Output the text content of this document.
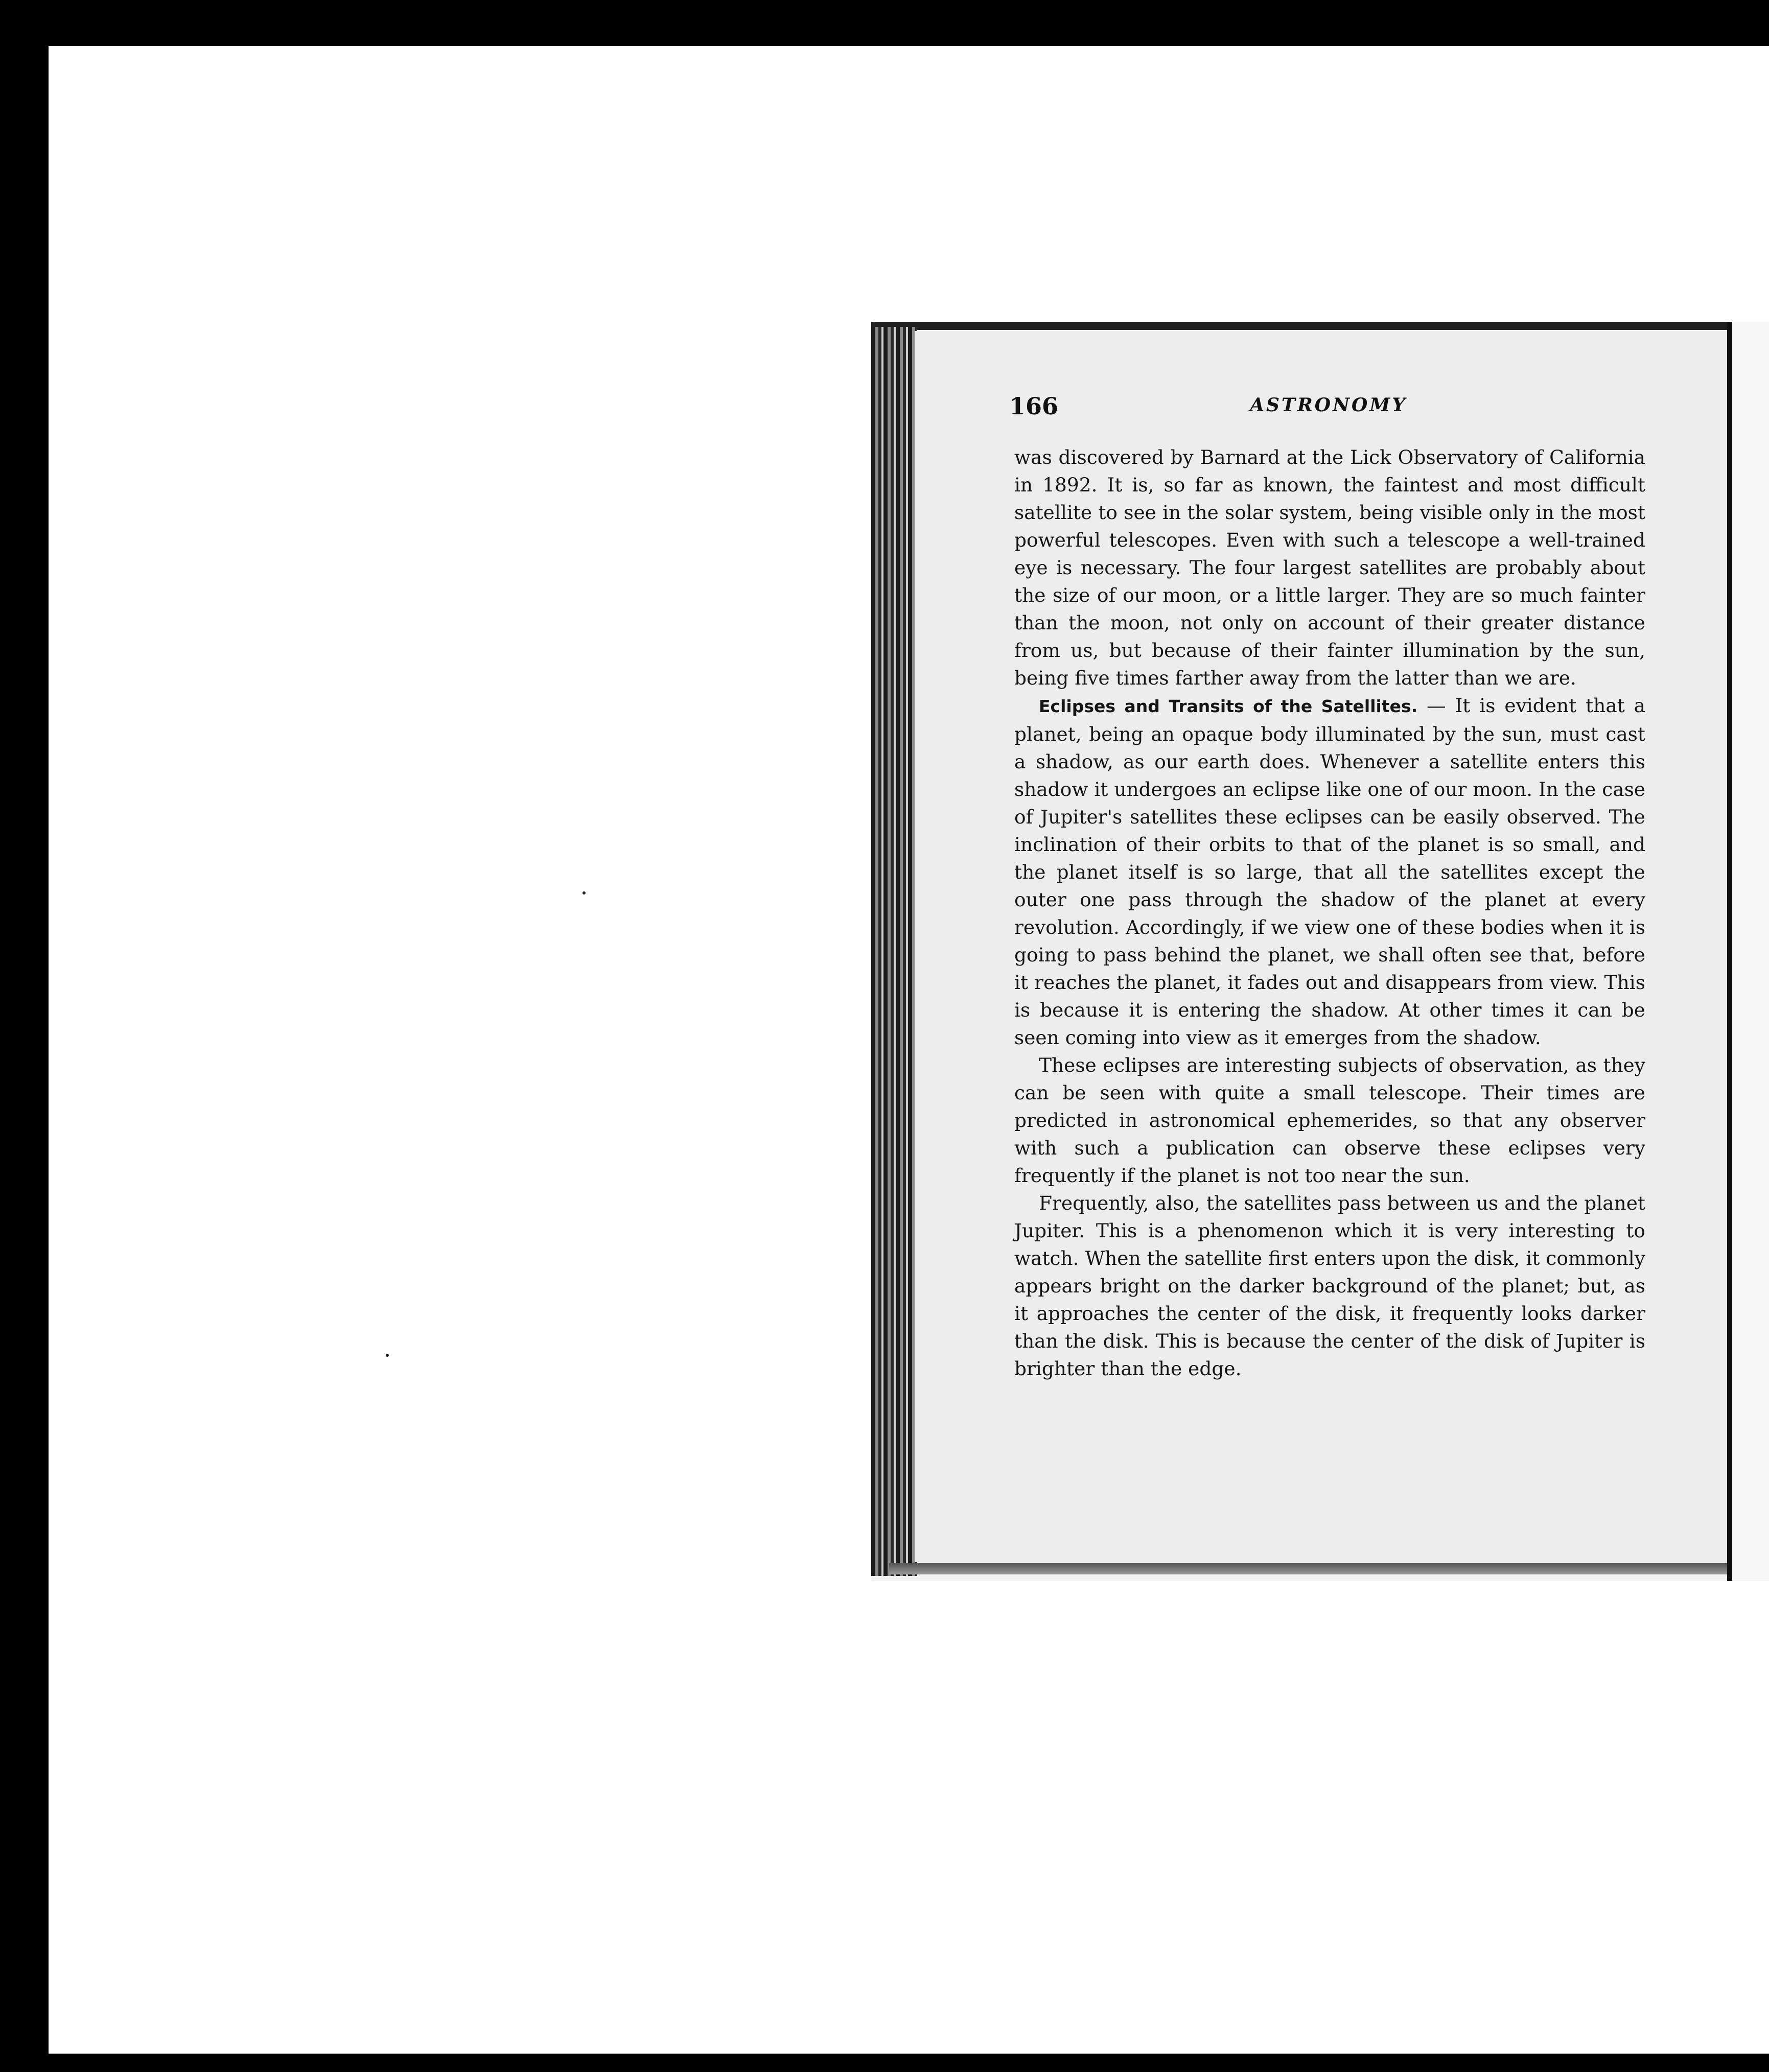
166	ASTRONOMY

was discovered by Barnard at the Lick Observatory of California in 1892. It is, so far as known, the faintest and most difficult satellite to see in the solar system, being visible only in the most powerful telescopes. Even with such a telescope a well-trained eye is necessary. The four largest satellites are probably about the size of our moon, or a little larger. They are so much fainter than the moon, not only on account of their greater distance from us, but because of their fainter illumination by the sun, being five times farther away from the latter than we are.

Eclipses and Transits of the Satellites. — It is evident that a planet, being an opaque body illuminated by the sun, must cast a shadow, as our earth does. Whenever a satellite enters this shadow it undergoes an eclipse like one of our moon. In the case of Jupiter's satellites these eclipses can be easily observed. The inclination of their orbits to that of the planet is so small, and the planet itself is so large, that all the satellites except the outer one pass through the shadow of the planet at every revolution. Accordingly, if we view one of these bodies when it is going to pass behind the planet, we shall often see that, before it reaches the planet, it fades out and disappears from view. This is because it is entering the shadow. At other times it can be seen coming into view as it emerges from the shadow.

These eclipses are interesting subjects of observation, as they can be seen with quite a small telescope. Their times are predicted in astronomical ephemerides, so that any observer with such a publication can observe these eclipses very frequently if the planet is not too near the sun.

Frequently, also, the satellites pass between us and the planet Jupiter. This is a phenomenon which it is very interesting to watch. When the satellite first enters upon the disk, it commonly appears bright on the darker background of the planet; but, as it approaches the center of the disk, it frequently looks darker than the disk. This is because the center of the disk of Jupiter is brighter than the edge.
